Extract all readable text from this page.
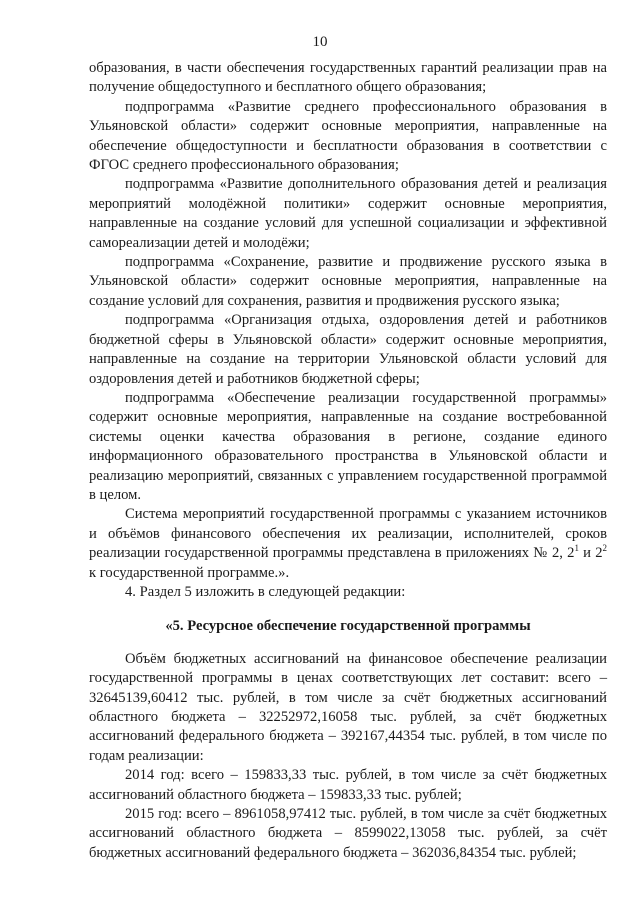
10

образования, в части обеспечения государственных гарантий реализации прав на получение общедоступного и бесплатного общего образования;

подпрограмма «Развитие среднего профессионального образования в Ульяновской области» содержит основные мероприятия, направленные на обеспечение общедоступности и бесплатности образования в соответствии с ФГОС среднего профессионального образования;

подпрограмма «Развитие дополнительного образования детей и реализация мероприятий молодёжной политики» содержит основные мероприятия, направленные на создание условий для успешной социализации и эффективной самореализации детей и молодёжи;

подпрограмма «Сохранение, развитие и продвижение русского языка в Ульяновской области» содержит основные мероприятия, направленные на создание условий для сохранения, развития и продвижения русского языка;

подпрограмма «Организация отдыха, оздоровления детей и работников бюджетной сферы в Ульяновской области» содержит основные мероприятия, направленные на создание на территории Ульяновской области условий для оздоровления детей и работников бюджетной сферы;

подпрограмма «Обеспечение реализации государственной программы» содержит основные мероприятия, направленные на создание востребованной системы оценки качества образования в регионе, создание единого информационного образовательного пространства в Ульяновской области и реализацию мероприятий, связанных с управлением государственной программой в целом.

Система мероприятий государственной программы с указанием источников и объёмов финансового обеспечения их реализации, исполнителей, сроков реализации государственной программы представлена в приложениях № 2, $2^1$ и $2^2$ к государственной программе.».

4. Раздел 5 изложить в следующей редакции:

«5. Ресурсное обеспечение государственной программы

Объём бюджетных ассигнований на финансовое обеспечение реализации государственной программы в ценах соответствующих лет составит: всего – 32645139,60412 тыс. рублей, в том числе за счёт бюджетных ассигнований областного бюджета – 32252972,16058 тыс. рублей, за счёт бюджетных ассигнований федерального бюджета – 392167,44354 тыс. рублей, в том числе по годам реализации:

2014 год: всего – 159833,33 тыс. рублей, в том числе за счёт бюджетных ассигнований областного бюджета – 159833,33 тыс. рублей;

2015 год: всего – 8961058,97412 тыс. рублей, в том числе за счёт бюджетных ассигнований областного бюджета – 8599022,13058 тыс. рублей, за счёт бюджетных ассигнований федерального бюджета – 362036,84354 тыс. рублей;
